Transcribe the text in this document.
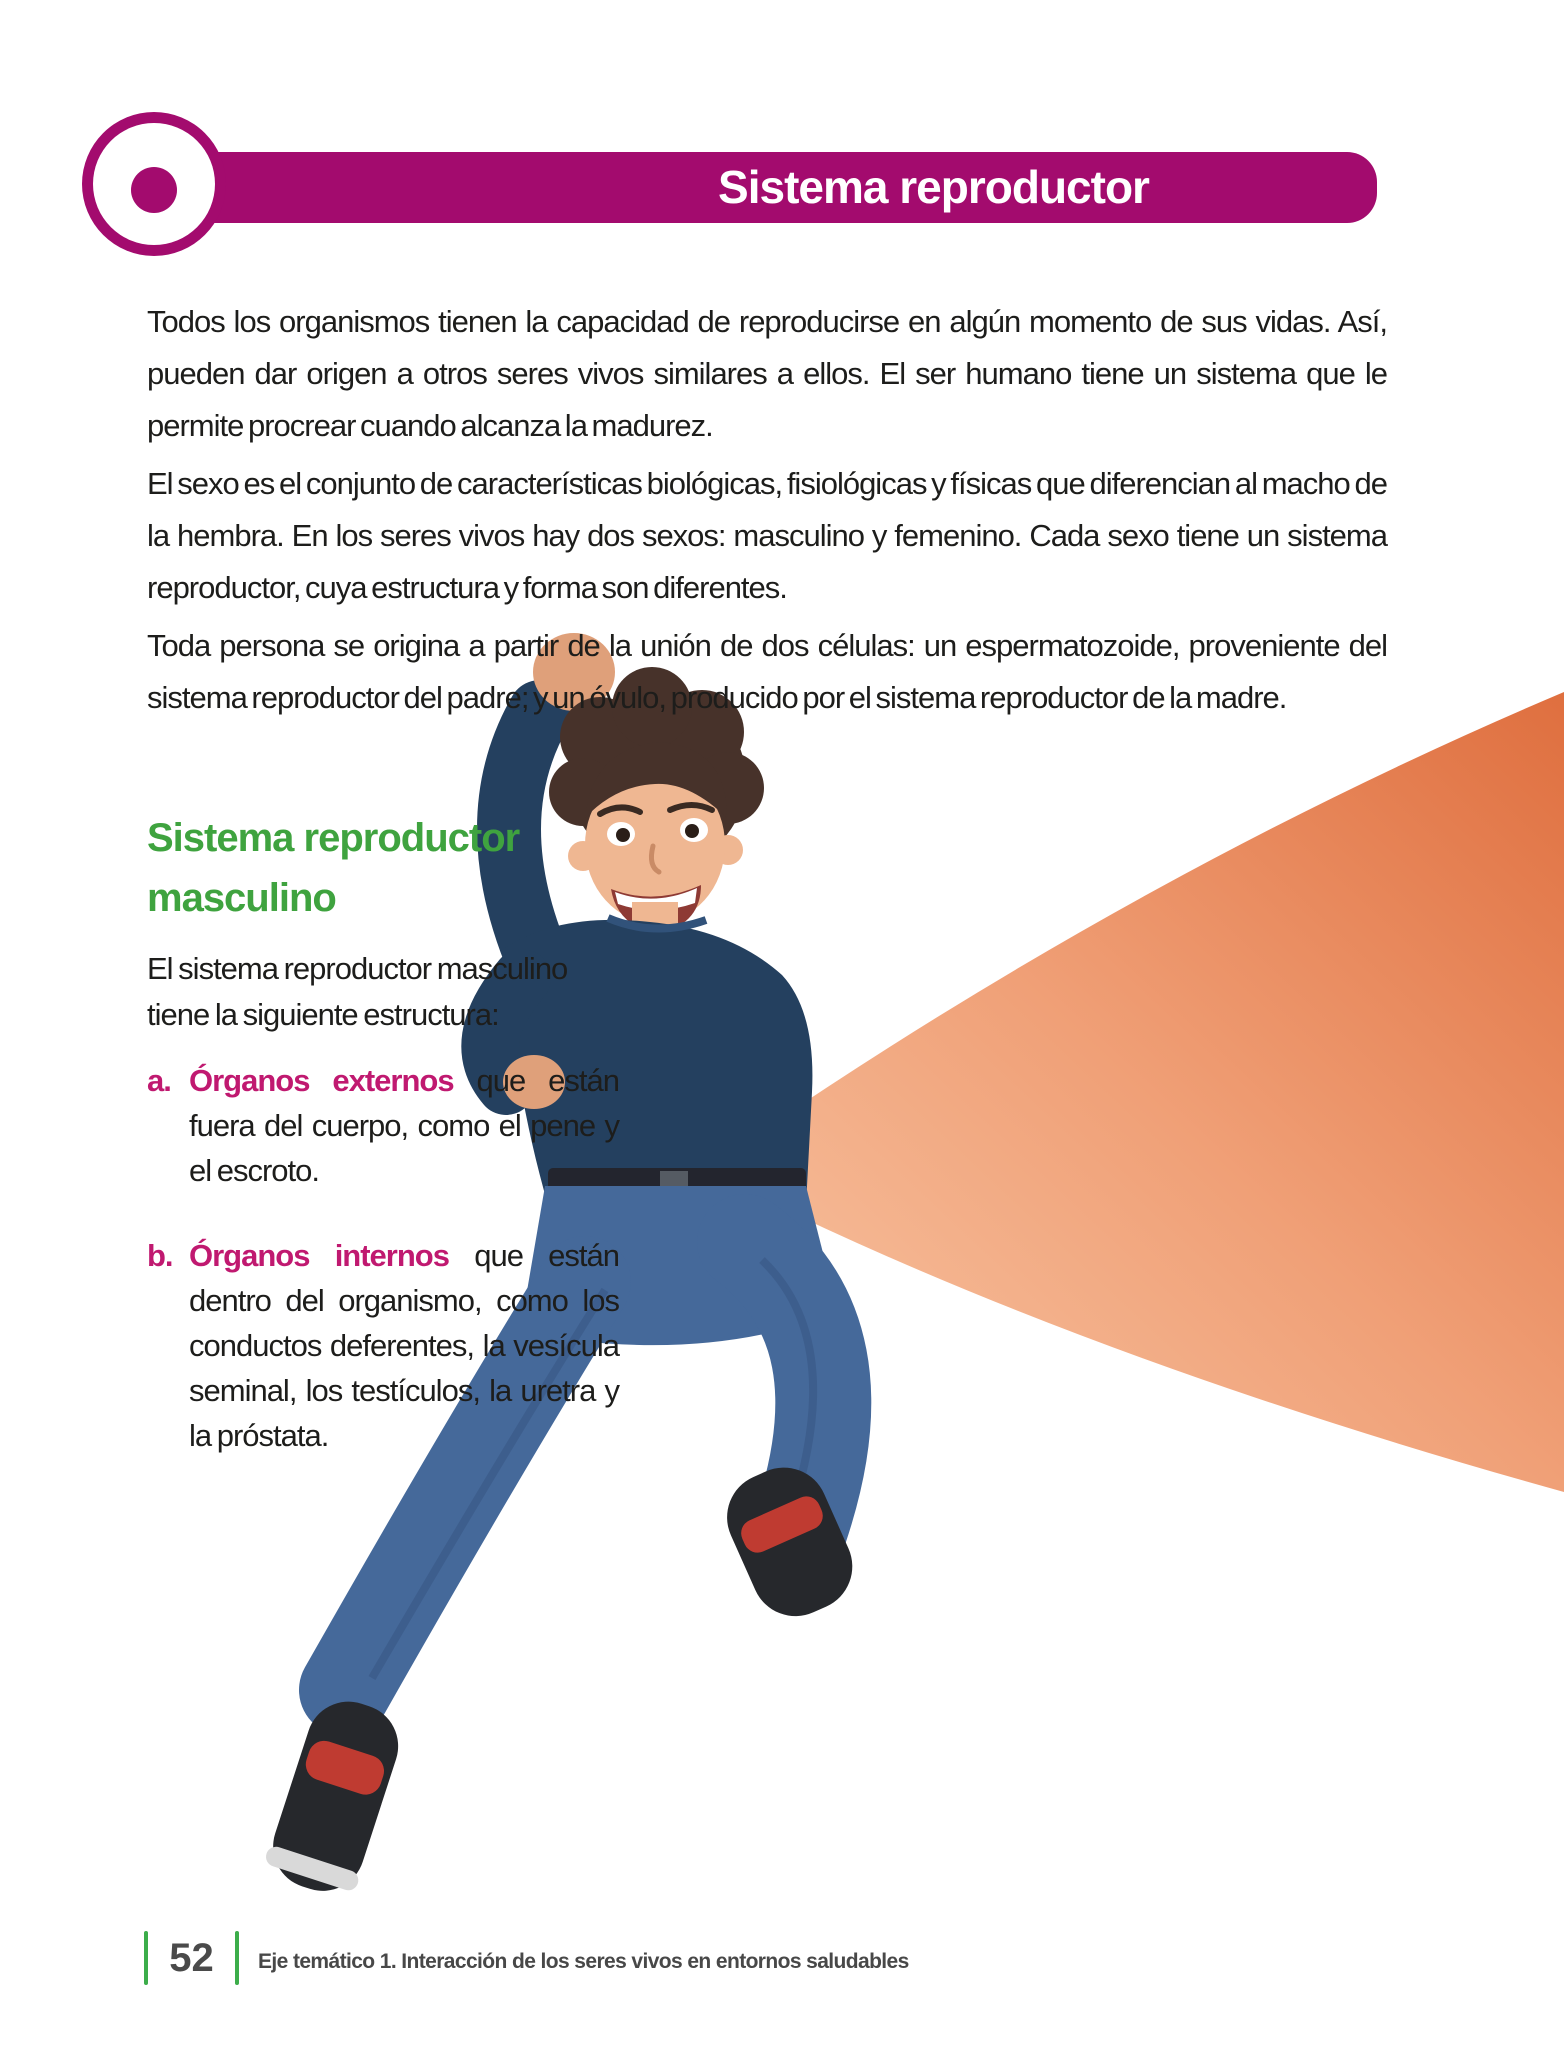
Sistema reproductor

Todos los organismos tienen la capacidad de reproducirse en algún momento de sus vidas. Así, pueden dar origen a otros seres vivos similares a ellos. El ser humano tiene un sistema que le permite procrear cuando alcanza la madurez.

El sexo es el conjunto de características biológicas, fisiológicas y físicas que diferencian al macho de la hembra. En los seres vivos hay dos sexos: masculino y femenino. Cada sexo tiene un sistema reproductor, cuya estructura y forma son diferentes.

Toda persona se origina a partir de la unión de dos células: un espermatozoide, proveniente del sistema reproductor del padre; y un óvulo, producido por el sistema reproductor de la madre.

Sistema reproductor masculino
El sistema reproductor masculino tiene la siguiente estructura:
a. Órganos externos que están fuera del cuerpo, como el pene y el escroto.
b. Órganos internos que están dentro del organismo, como los conductos deferentes, la vesícula seminal, los testículos, la uretra y la próstata.
52	Eje temático 1. Interacción de los seres vivos en entornos saludables
